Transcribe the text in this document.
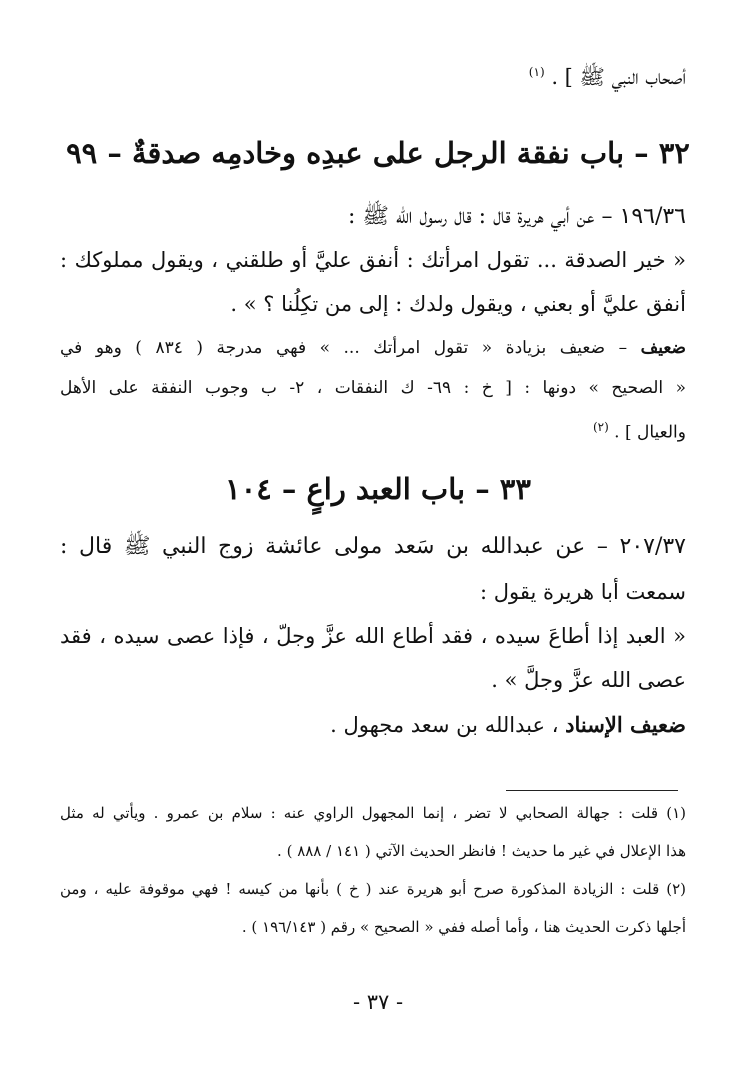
أصحاب النبي ﷺ ] . $^{(١)}$
٣٢ – باب نفقة الرجل على عبدِه وخادمِه صدقةٌ – ٩٩
١٩٦/٣٦ – عن أبي هريرة قال : قال رسول الله ﷺ :
« خير الصدقة ... تقول امرأتك : أنفق عليَّ أو طلقني ، ويقول مملوكك :
أنفق عليَّ أو بعني ، ويقول ولدك : إلى من تكِلُنا ؟ » .
ضعيف – ضعيف بزيادة « تقول امرأتك ... » فهي مدرجة ( ٨٣٤ ) وهو في
« الصحيح » دونها : [ خ : ٦٩- ك النفقات ، ٢- ب وجوب النفقة على الأهل
والعيال ] . $^{(٢)}$
٣٣ – باب العبد راعٍ – ١٠٤
٢٠٧/٣٧ – عن عبدالله بن سَعد مولى عائشة زوج النبي ﷺ قال :
سمعت أبا هريرة يقول :
« العبد إذا أطاعَ سيده ، فقد أطاع الله عزَّ وجلّ ، فإذا عصى سيده ، فقد
عصى الله عزَّ وجلَّ » .
ضعيف الإسناد ، عبدالله بن سعد مجهول .
(١) قلت : جهالة الصحابي لا تضر ، إنما المجهول الراوي عنه : سلام بن عمرو . ويأتي له مثل
هذا الإعلال في غير ما حديث ! فانظر الحديث الآتي ( ١٤١ / ٨٨٨ ) .
(٢) قلت : الزيادة المذكورة صرح أبو هريرة عند ( خ ) بأنها من كيسه ! فهي موقوفة عليه ، ومن
أجلها ذكرت الحديث هنا ، وأما أصله ففي « الصحيح » رقم ( ١٩٦/١٤٣ ) .
- ٣٧ -
